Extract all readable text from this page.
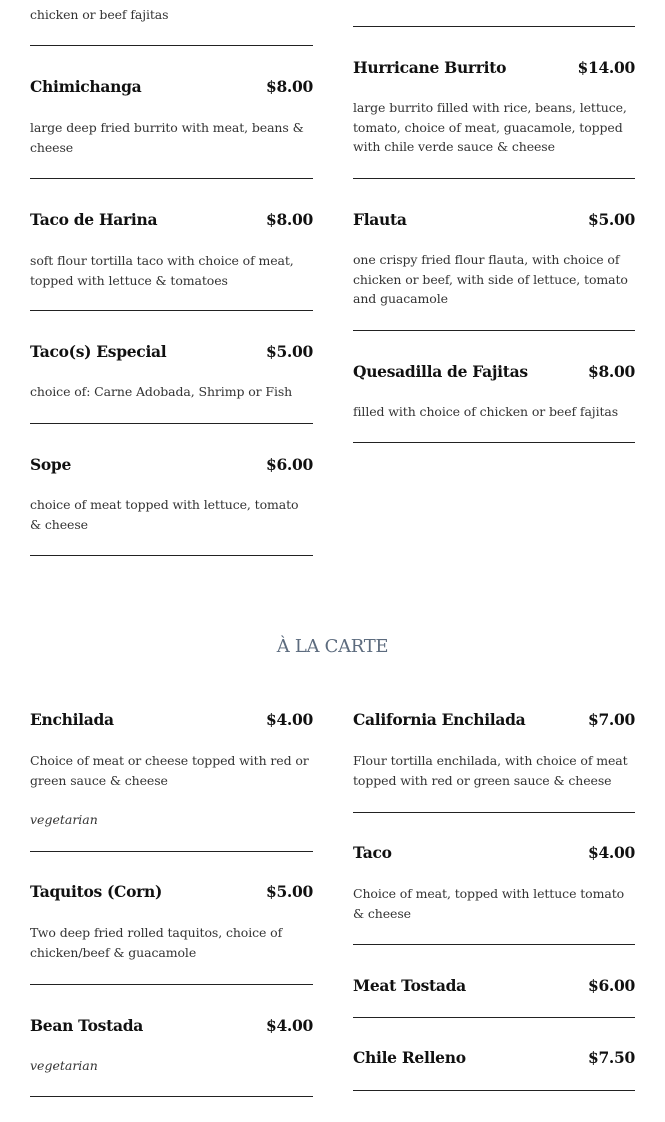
chicken or beef fajitas
Chimichanga	$8.00
large deep fried burrito with meat, beans & cheese
Taco de Harina	$8.00
soft flour tortilla taco with choice of meat, topped with lettuce & tomatoes
Taco(s) Especial	$5.00
choice of: Carne Adobada, Shrimp or Fish
Sope	$6.00
choice of meat topped with lettuce, tomato & cheese
Hurricane Burrito	$14.00
large burrito filled with rice, beans, lettuce, tomato, choice of meat, guacamole, topped with chile verde sauce & cheese
Flauta	$5.00
one crispy fried flour flauta, with choice of chicken or beef, with side of lettuce, tomato and guacamole
Quesadilla de Fajitas	$8.00
filled with choice of chicken or beef fajitas
À LA CARTE
Enchilada	$4.00
Choice of meat or cheese topped with red or green sauce & cheese
vegetarian
Taquitos (Corn)	$5.00
Two deep fried rolled taquitos, choice of chicken/beef & guacamole
Bean Tostada	$4.00
vegetarian
California Enchilada	$7.00
Flour tortilla enchilada, with choice of meat topped with red or green sauce & cheese
Taco	$4.00
Choice of meat, topped with lettuce tomato & cheese
Meat Tostada	$6.00
Chile Relleno	$7.50
